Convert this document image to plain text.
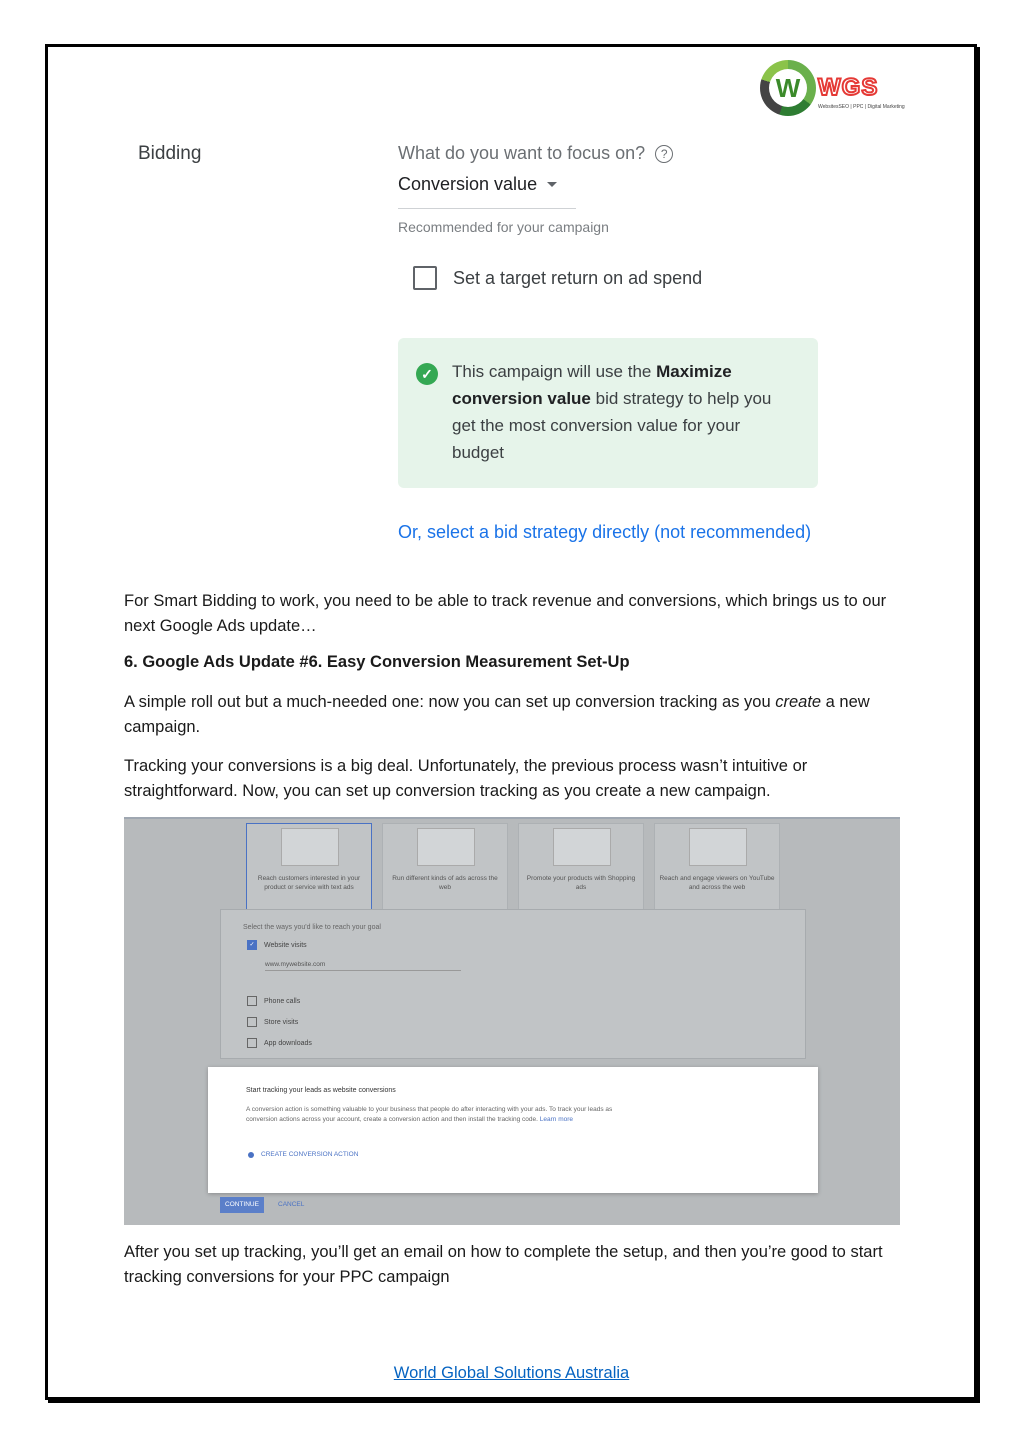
W WGS
WebsitesSEO | PPC | Digital Marketing
Bidding	What do you want to focus on? ?
Conversion value
Recommended for your campaign
Set a target return on ad spend
✓	This campaign will use the Maximize conversion value bid strategy to help you get the most conversion value for your budget
Or, select a bid strategy directly (not recommended)
For Smart Bidding to work, you need to be able to track revenue and conversions, which brings us to our next Google Ads update…
6. Google Ads Update #6. Easy Conversion Measurement Set-Up
A simple roll out but a much-needed one: now you can set up conversion tracking as you create a new campaign.
Tracking your conversions is a big deal. Unfortunately, the previous process wasn’t intuitive or straightforward. Now, you can set up conversion tracking as you create a new campaign.
Reach customers interested in your product or service with text ads
Run different kinds of ads across the web
Promote your products with Shopping ads
Reach and engage viewers on YouTube and across the web
Select the ways you'd like to reach your goal
✓	Website visits
www.mywebsite.com
Phone calls
Store visits
App downloads
Start tracking your leads as website conversions
A conversion action is something valuable to your business that people do after interacting with your ads. To track your leads as conversion actions across your account, create a conversion action and then install the tracking code. Learn more
CREATE CONVERSION ACTION
CONTINUE	CANCEL
After you set up tracking, you’ll get an email on how to complete the setup, and then you’re good to start tracking conversions for your PPC campaign
World Global Solutions Australia
